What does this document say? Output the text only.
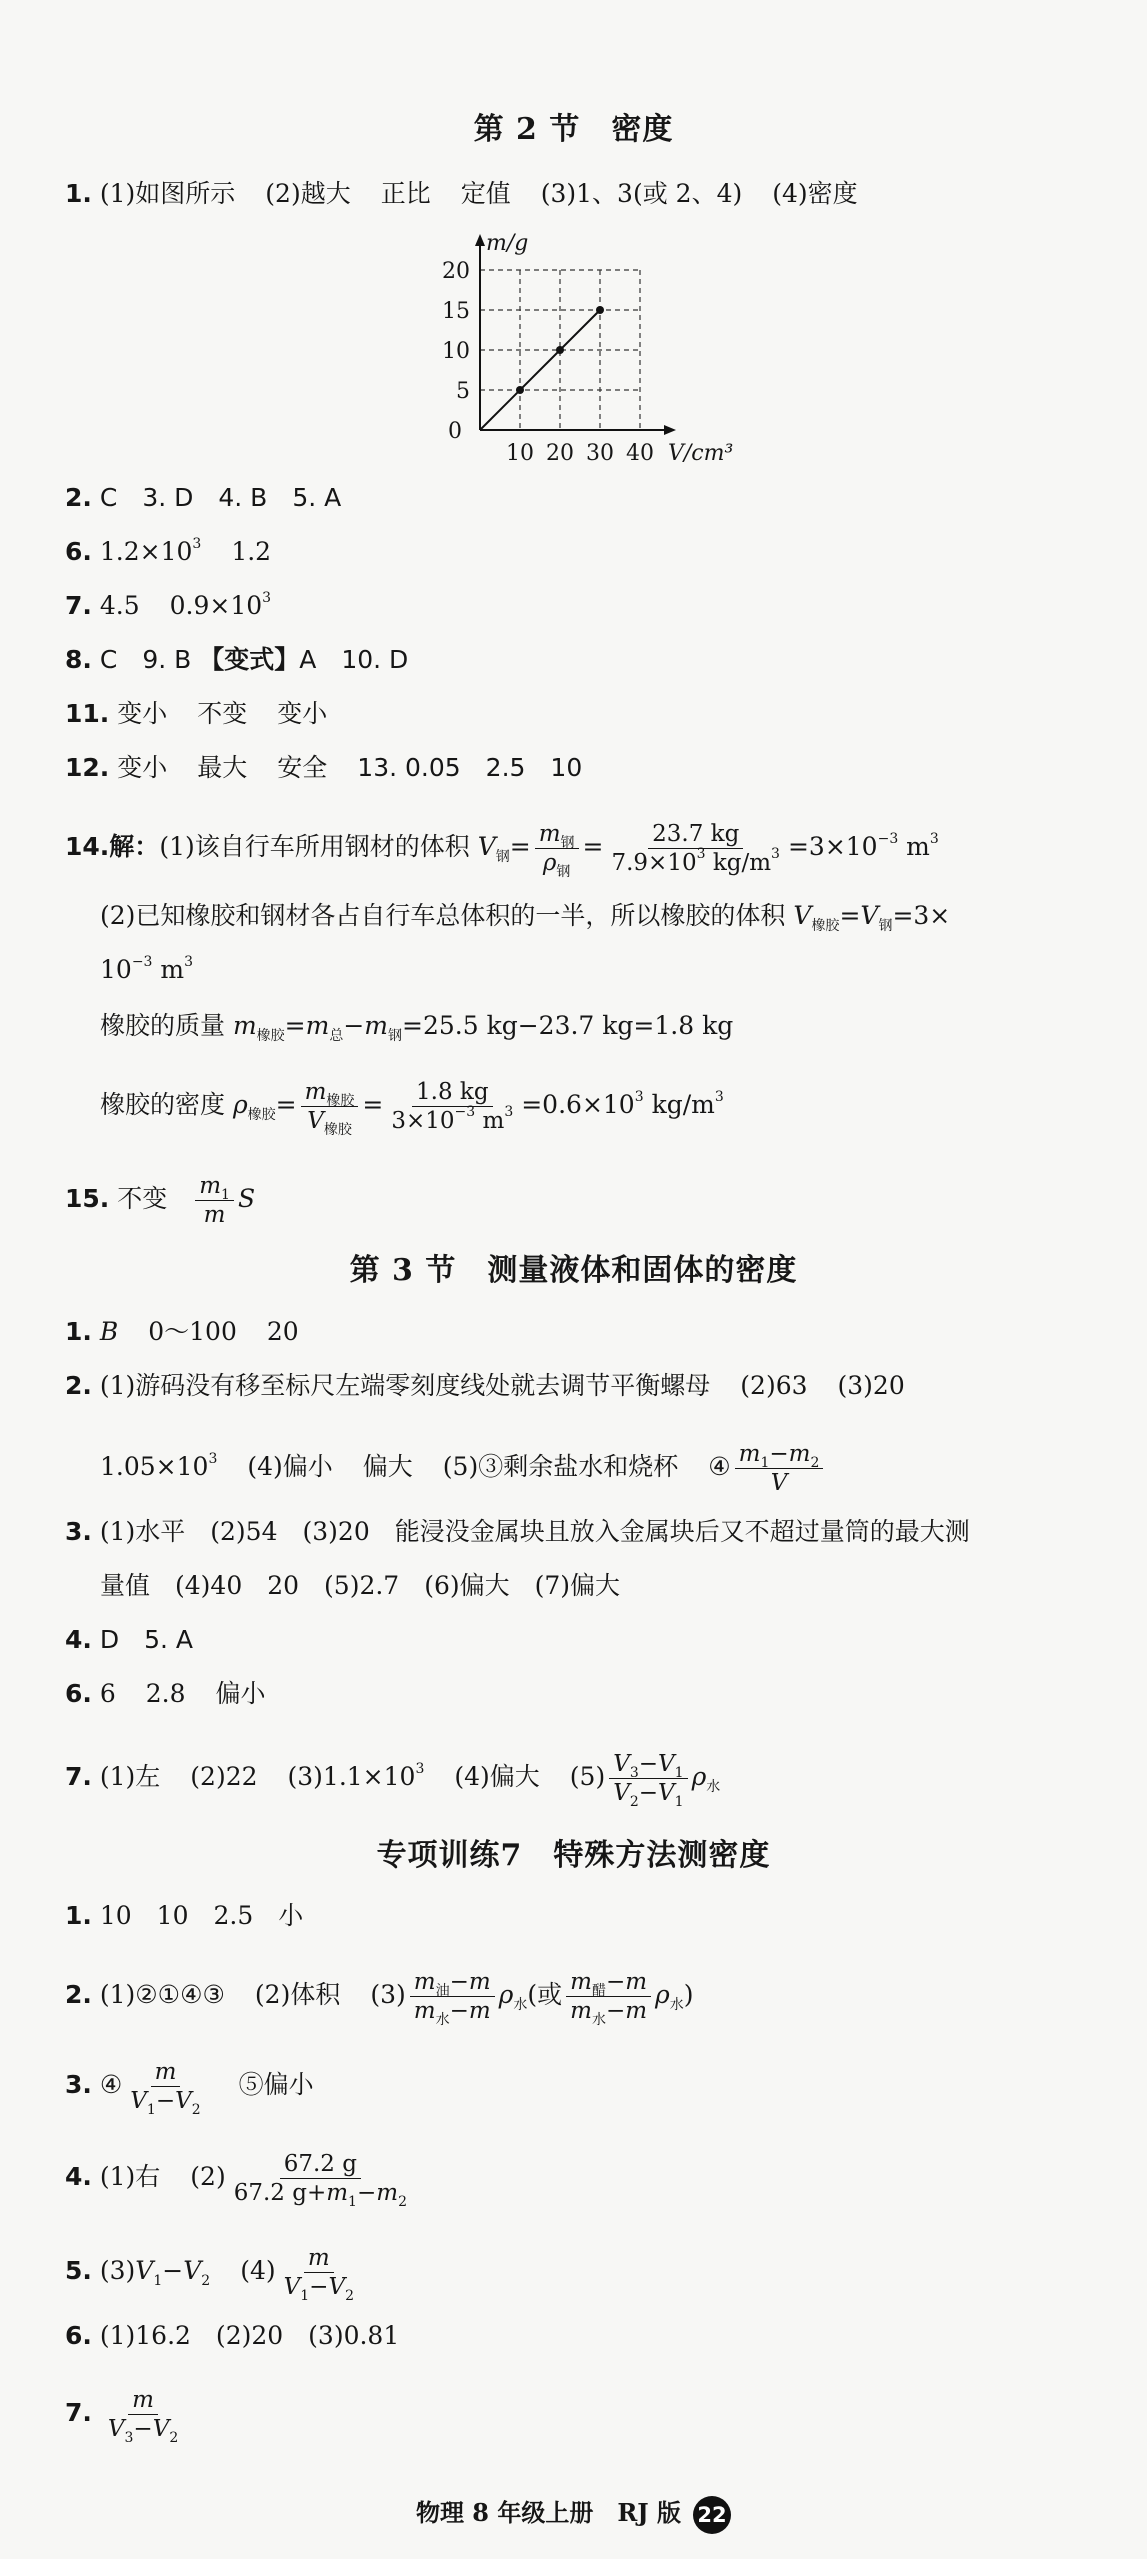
第 2 节　密度
1. (1)如图所示 (2)越大 正比 定值 (3)1、3(或 2、4) (4)密度
m/g
20
15
10
5
0
10 20 30 40 V/cm³
2. C　3. D　4. B　5. A
6. $1.2\times 10^3$ 1.2
7. 4.5 $0.9\times 10^3$
8. C　9. B 【变式】A　10. D
11. 变小 不变 变小
12. 变小 最大 安全 13. 0.05　2.5　10
14.解：(1)该自行车所用钢材的体积 $V_钢= m_钢$
$\rho_钢$
= $\frac{23.7 kg}{7.9\times 10^3 kg/m^3} =3\times 10^{-3}$ $m^3$
(2)已知橡胶和钢材各占自行车总体积的一半，所以橡胶的体积 $V_{橡胶}=V_钢=3\times$
$10^{-3}$ $m^3$
橡胶的质量 $m_{橡胶}=m_总-m_钢=25.5$ kg−23.7 kg=1.8 kg
橡胶的密度 $\rho_{橡胶}= m_{橡胶}$
$V_{橡胶}$
= $\frac{1.8 kg}{3\times 10^{-3} m^3} =0.6\times 10^3$ $kg/m^3$
15. 不变 $\frac{m_1}{m}$ S
第 3 节　测量液体和固体的密度
1. B 0～100 20
2. (1)游码没有移至标尺左端零刻度线处就去调节平衡螺母 (2)63 (3)20
$1.05\times 10^3$ (4)偏小 偏大 (5)③剩余盐水和烧杯 ④ $\frac{m_1-m_2}{V}$
3. (1)水平　(2)54　(3)20　能浸没金属块且放入金属块后又不超过量筒的最大测
量值　(4)40　20　(5)2.7　(6)偏大　(7)偏大
4. D　5. A
6. 6 2.8 偏小
7. (1)左 (2)22 $(3)1.1\times 10^3$ (4)偏大 $(5) \frac{V_3-V_1}{V_2-V_1} \rho_水$
专项训练7　特殊方法测密度
1. 10　10　2.5　小
2. (1)②①④③ (2)体积 (3) $m_油-m$
$m_水-m$
$\rho_水$(或 $m_醋-m$
$m_水-m$
$\rho_水$)
3. ④ $\frac{m}{V_1-V_2}$ ⑤偏小
4. (1)右 $(2) \frac{67.2 g}{67.2 g+m_1-m_2}$
5. $(3)V_1-V_2$ $(4) \frac{m}{V_1-V_2}$
6. (1)16.2　(2)20　(3)0.81
7. $\frac{m}{V_3-V_2}$
物理 8 年级上册　RJ 版 22
